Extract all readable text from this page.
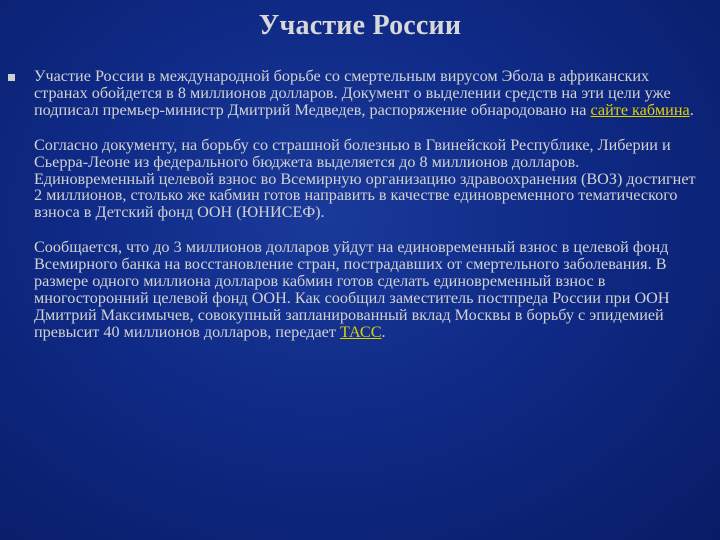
Участие России

Участие России в международной борьбе со смертельным вирусом Эбола в африканских странах обойдется в 8 миллионов долларов. Документ о выделении средств на эти цели уже подписал премьер-министр Дмитрий Медведев, распоряжение обнародовано на сайте кабмина.

Согласно документу, на борьбу со страшной болезнью в Гвинейской Республике, Либерии и Сьерра-Леоне из федерального бюджета выделяется до 8 миллионов долларов. Единовременный целевой взнос во Всемирную организацию здравоохранения (ВОЗ) достигнет 2 миллионов, столько же кабмин готов направить в качестве единовременного тематического взноса в Детский фонд ООН (ЮНИСЕФ).

Сообщается, что до 3 миллионов долларов уйдут на единовременный взнос в целевой фонд Всемирного банка на восстановление стран, пострадавших от смертельного заболевания. В размере одного миллиона долларов кабмин готов сделать единовременный взнос в многосторонний целевой фонд ООН. Как сообщил заместитель постпреда России при ООН Дмитрий Максимычев, совокупный запланированный вклад Москвы в борьбу с эпидемией превысит 40 миллионов долларов, передает ТАСС.
